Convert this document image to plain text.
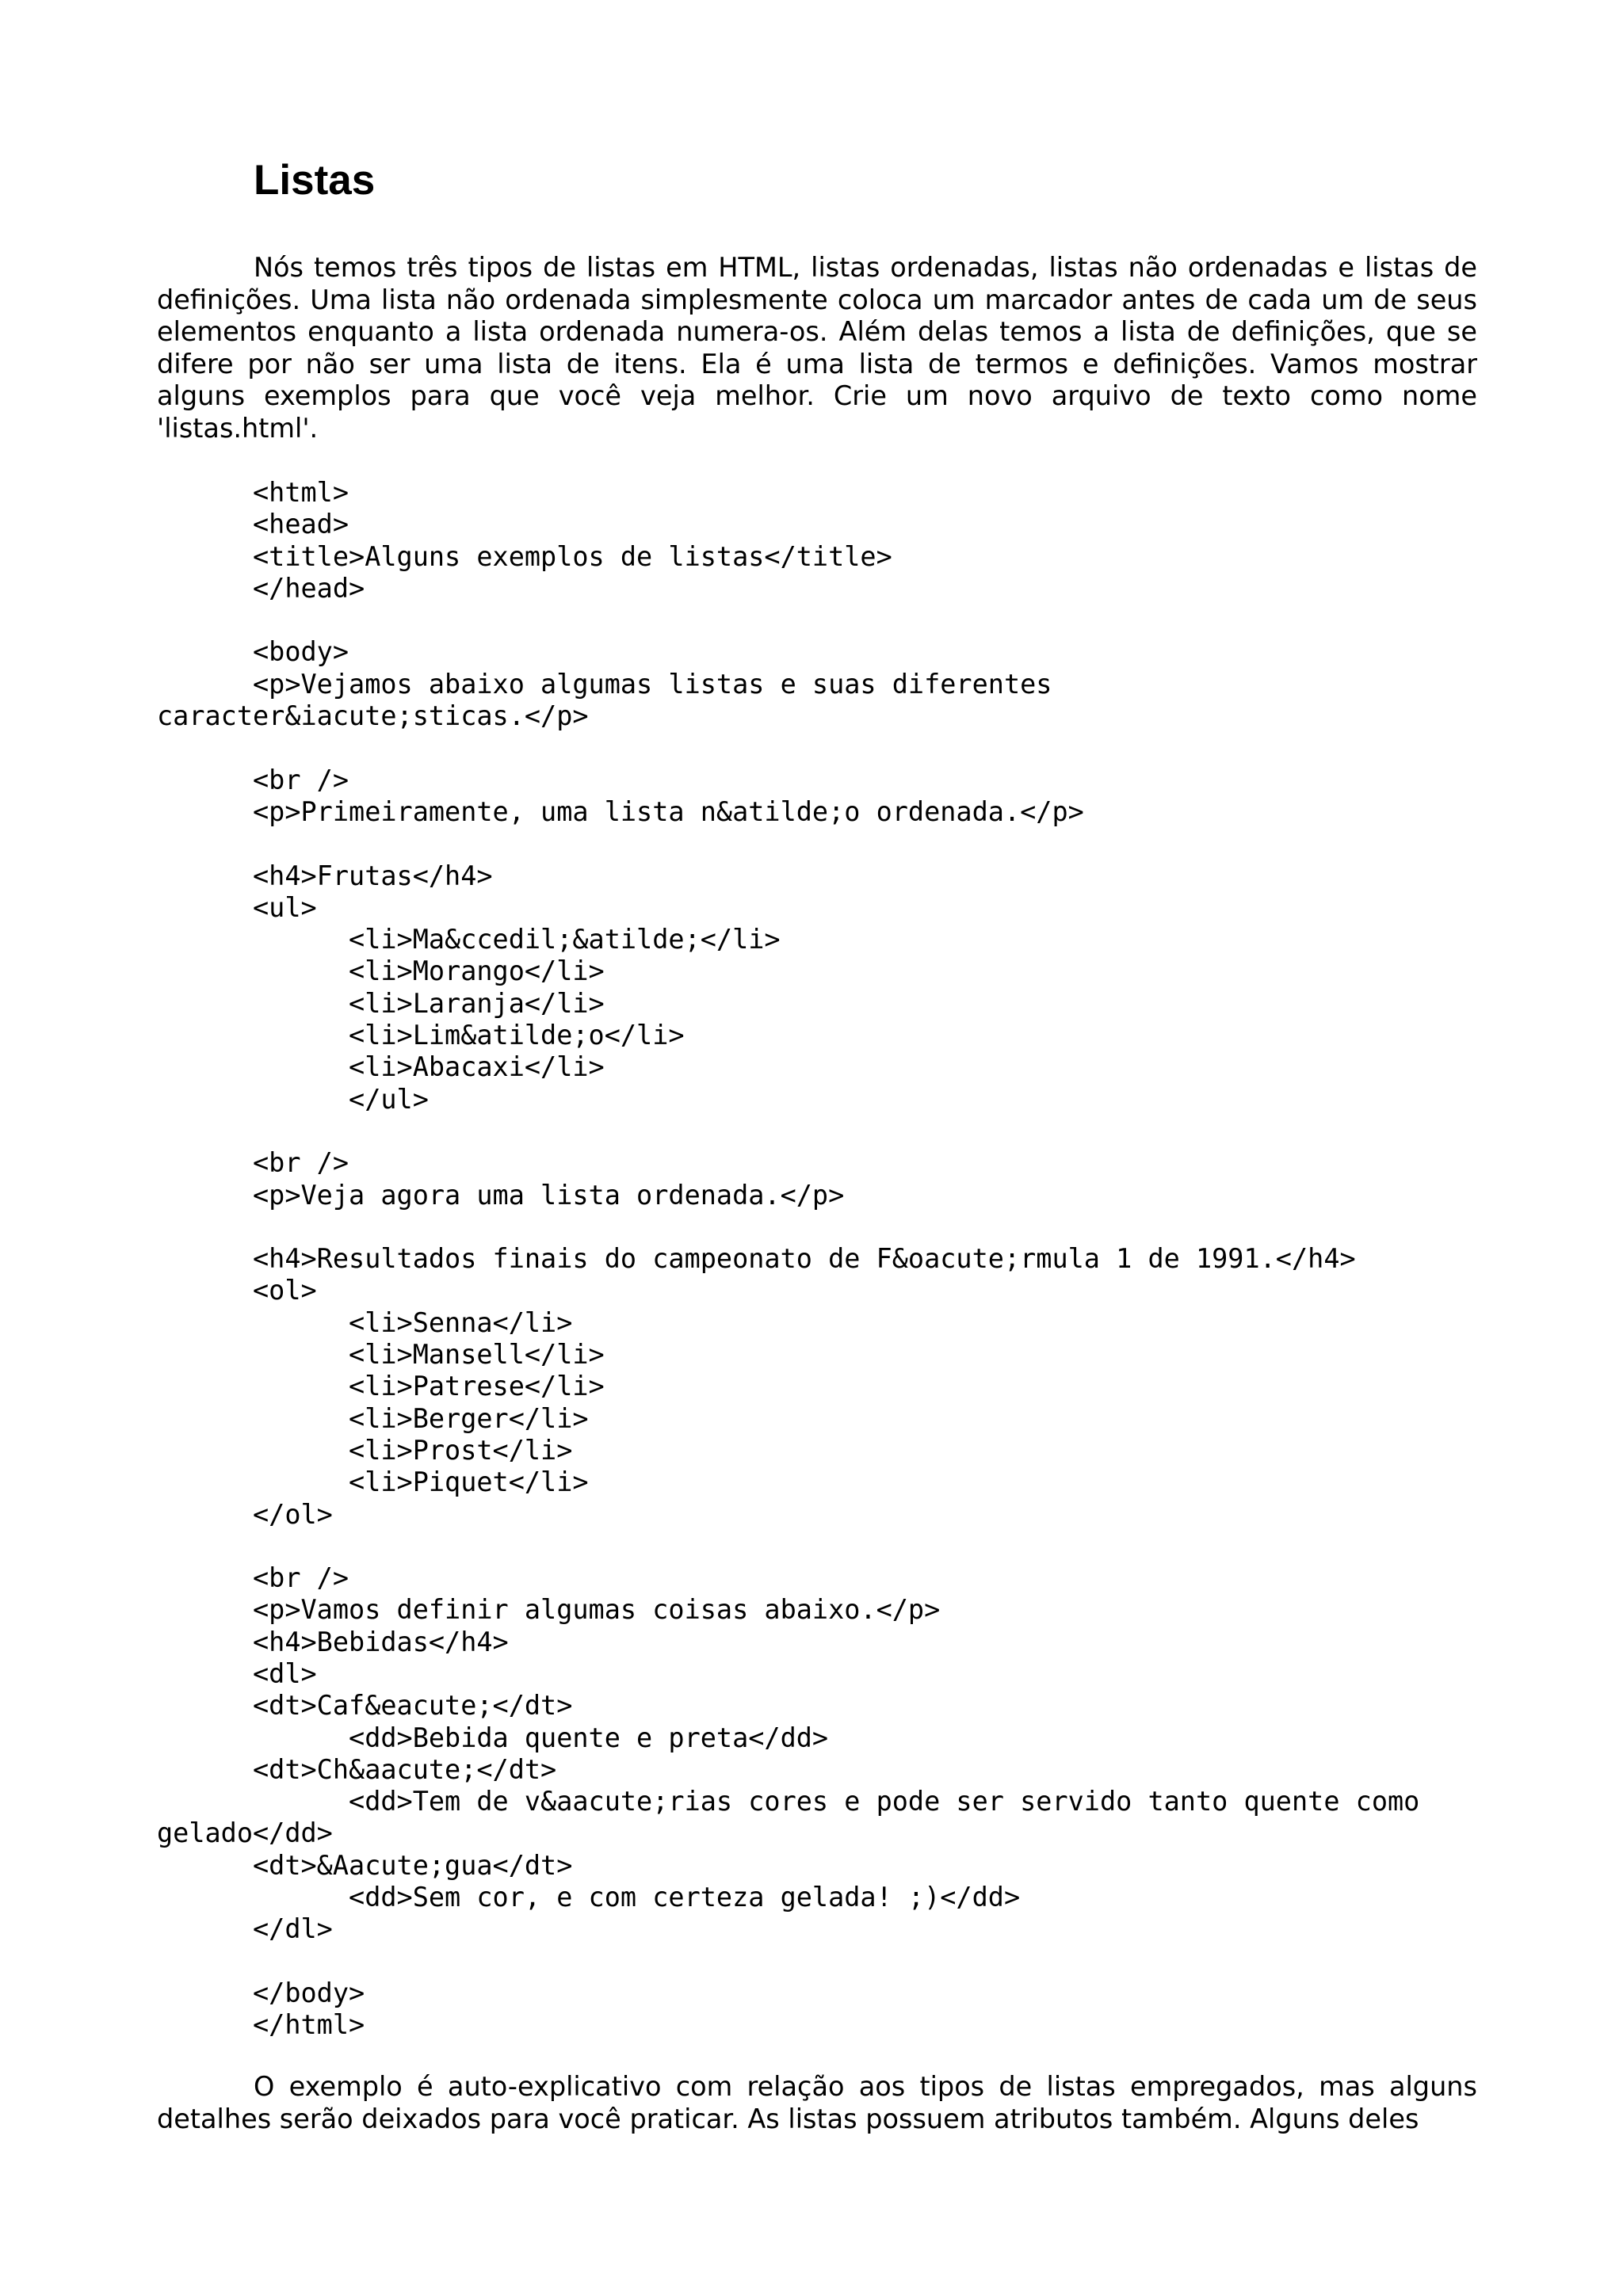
Listas

Nós temos três tipos de listas em HTML, listas ordenadas, listas não ordenadas e listas de definições. Uma lista não ordenada simplesmente coloca um marcador antes de cada um de seus elementos enquanto a lista ordenada numera-os. Além delas temos a lista de definições, que se difere por não ser uma lista de itens. Ela é uma lista de termos e definições. Vamos mostrar alguns exemplos para que você veja melhor. Crie um novo arquivo de texto como nome 'listas.html'.

<html>
<head>
<title>Alguns exemplos de listas</title>
</head>
<body>
<p>Vejamos abaixo algumas listas e suas diferentes
caracter&iacute;sticas.</p>
<br />
<p>Primeiramente, uma lista n&atilde;o ordenada.</p>
<h4>Frutas</h4>
<ul>
<li>Ma&ccedil;&atilde;</li>
<li>Morango</li>
<li>Laranja</li>
<li>Lim&atilde;o</li>
<li>Abacaxi</li>
</ul>
<br />
<p>Veja agora uma lista ordenada.</p>
<h4>Resultados finais do campeonato de F&oacute;rmula 1 de 1991.</h4>
<ol>
<li>Senna</li>
<li>Mansell</li>
<li>Patrese</li>
<li>Berger</li>
<li>Prost</li>
<li>Piquet</li>
</ol>
<br />
<p>Vamos definir algumas coisas abaixo.</p>
<h4>Bebidas</h4>
<dl>
<dt>Caf&eacute;</dt>
<dd>Bebida quente e preta</dd>
<dt>Ch&aacute;</dt>
<dd>Tem de v&aacute;rias cores e pode ser servido tanto quente como
gelado</dd>
<dt>&Aacute;gua</dt>
<dd>Sem cor, e com certeza gelada! ;)</dd>
</dl>
</body>
</html>

O exemplo é auto-explicativo com relação aos tipos de listas empregados, mas alguns detalhes serão deixados para você praticar. As listas possuem atributos também. Alguns deles
